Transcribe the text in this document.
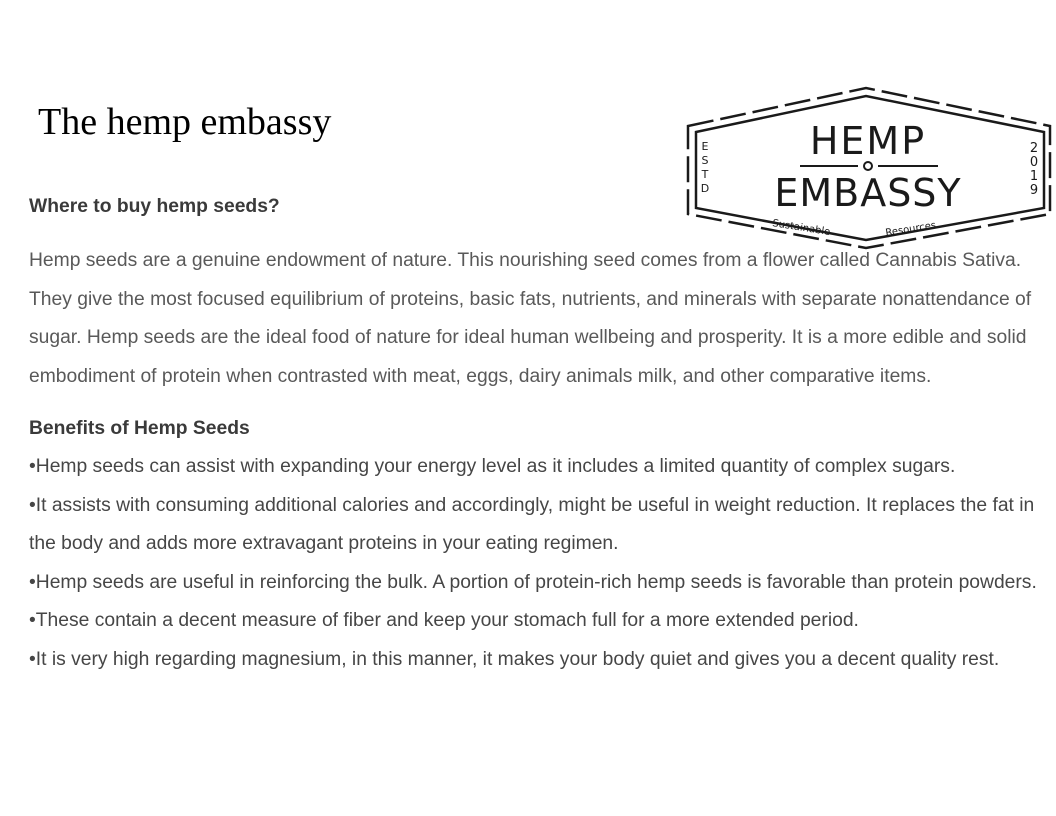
The hemp embassy	HEMP
EMBASSY
Sustainable	Resources
E
S
T
D
2
0
1
9
Where to buy hemp seeds?

Hemp seeds are a genuine endowment of nature. This nourishing seed comes from a flower called Cannabis Sativa. They give the most focused equilibrium of proteins, basic fats, nutrients, and minerals with separate nonattendance of sugar. Hemp seeds are the ideal food of nature for ideal human wellbeing and prosperity. It is a more edible and solid embodiment of protein when contrasted with meat, eggs, dairy animals milk, and other comparative items.

Benefits of Hemp Seeds
•Hemp seeds can assist with expanding your energy level as it includes a limited quantity of complex sugars.
•It assists with consuming additional calories and accordingly, might be useful in weight reduction. It replaces the fat in the body and adds more extravagant proteins in your eating regimen.
•Hemp seeds are useful in reinforcing the bulk. A portion of protein-rich hemp seeds is favorable than protein powders.
•These contain a decent measure of fiber and keep your stomach full for a more extended period.
•It is very high regarding magnesium, in this manner, it makes your body quiet and gives you a decent quality rest.
